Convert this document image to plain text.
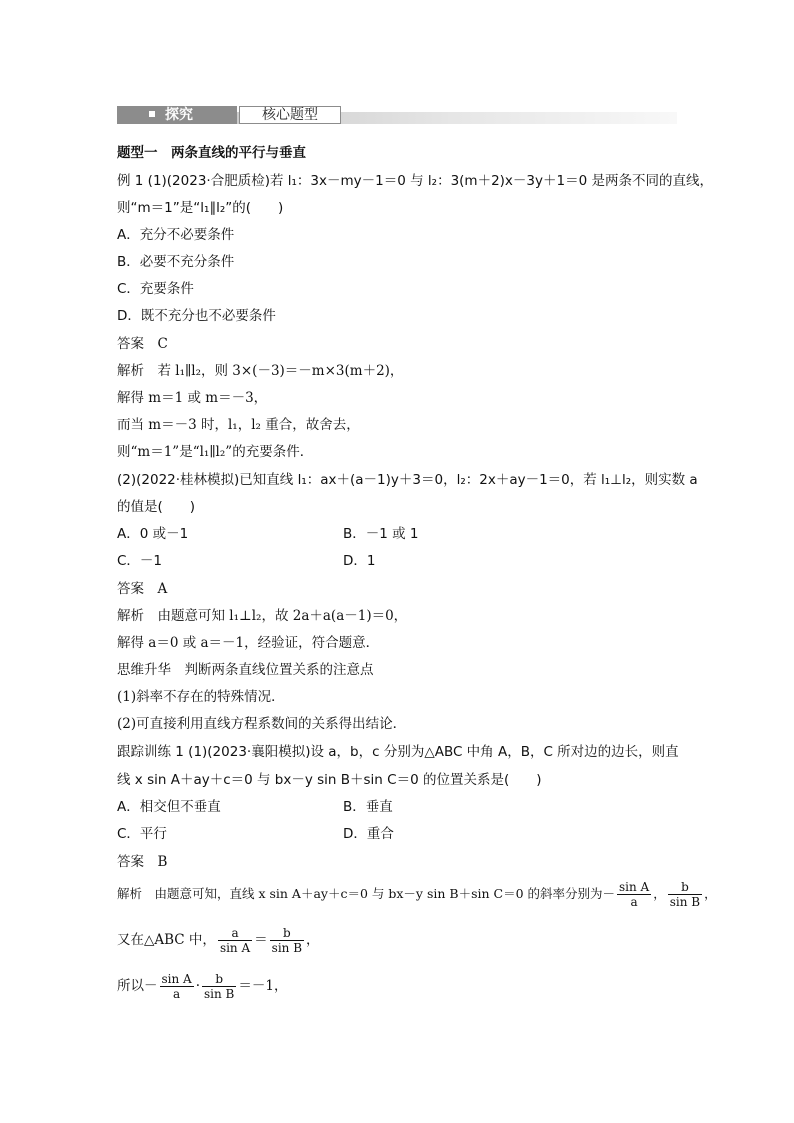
探究	核心题型
题型一　两条直线的平行与垂直
例 1 (1)(2023·合肥质检)若 l₁：3x－my－1＝0 与 l₂：3(m＋2)x－3y＋1＝0 是两条不同的直线，
则“m＝1”是“l₁∥l₂”的(　　)
A．充分不必要条件
B．必要不充分条件
C．充要条件
D．既不充分也不必要条件
答案　C
解析　若 l₁∥l₂，则 3×(－3)＝－m×3(m＋2)，
解得 m＝1 或 m＝－3，
而当 m＝－3 时，l₁，l₂ 重合，故舍去，
则“m＝1”是“l₁∥l₂”的充要条件．
(2)(2022·桂林模拟)已知直线 l₁：ax＋(a－1)y＋3＝0，l₂：2x＋ay－1＝0，若 l₁⊥l₂，则实数 a
的值是(　　)
A．0 或－1	B．－1 或 1
C．－1	D．1
答案　A
解析　由题意可知 l₁⊥l₂，故 2a＋a(a－1)＝0，
解得 a＝0 或 a＝－1，经验证，符合题意．
思维升华　判断两条直线位置关系的注意点
(1)斜率不存在的特殊情况．
(2)可直接利用直线方程系数间的关系得出结论．
跟踪训练 1 (1)(2023·襄阳模拟)设 a，b，c 分别为△ABC 中角 A，B，C 所对边的边长，则直
线 x sin A＋ay＋c＝0 与 bx－y sin B＋sin C＝0 的位置关系是(　　)
A．相交但不垂直	B．垂直
C．平行	D．重合
答案　B
解析　由题意可知，直线 x sin A＋ay＋c＝0 与 bx－y sin B＋sin C＝0 的斜率分别为－ $\frac{\text{sin A}}{a}$ ， $\frac{b}{\text{sin B}}$ ，
又在△ABC 中， $\frac{a}{\text{sin A}} = \frac{b}{\text{sin B}}$ ，
所以－ $\frac{\text{sin A}}{a} \cdot \frac{b}{\text{sin B}} =-1$，
